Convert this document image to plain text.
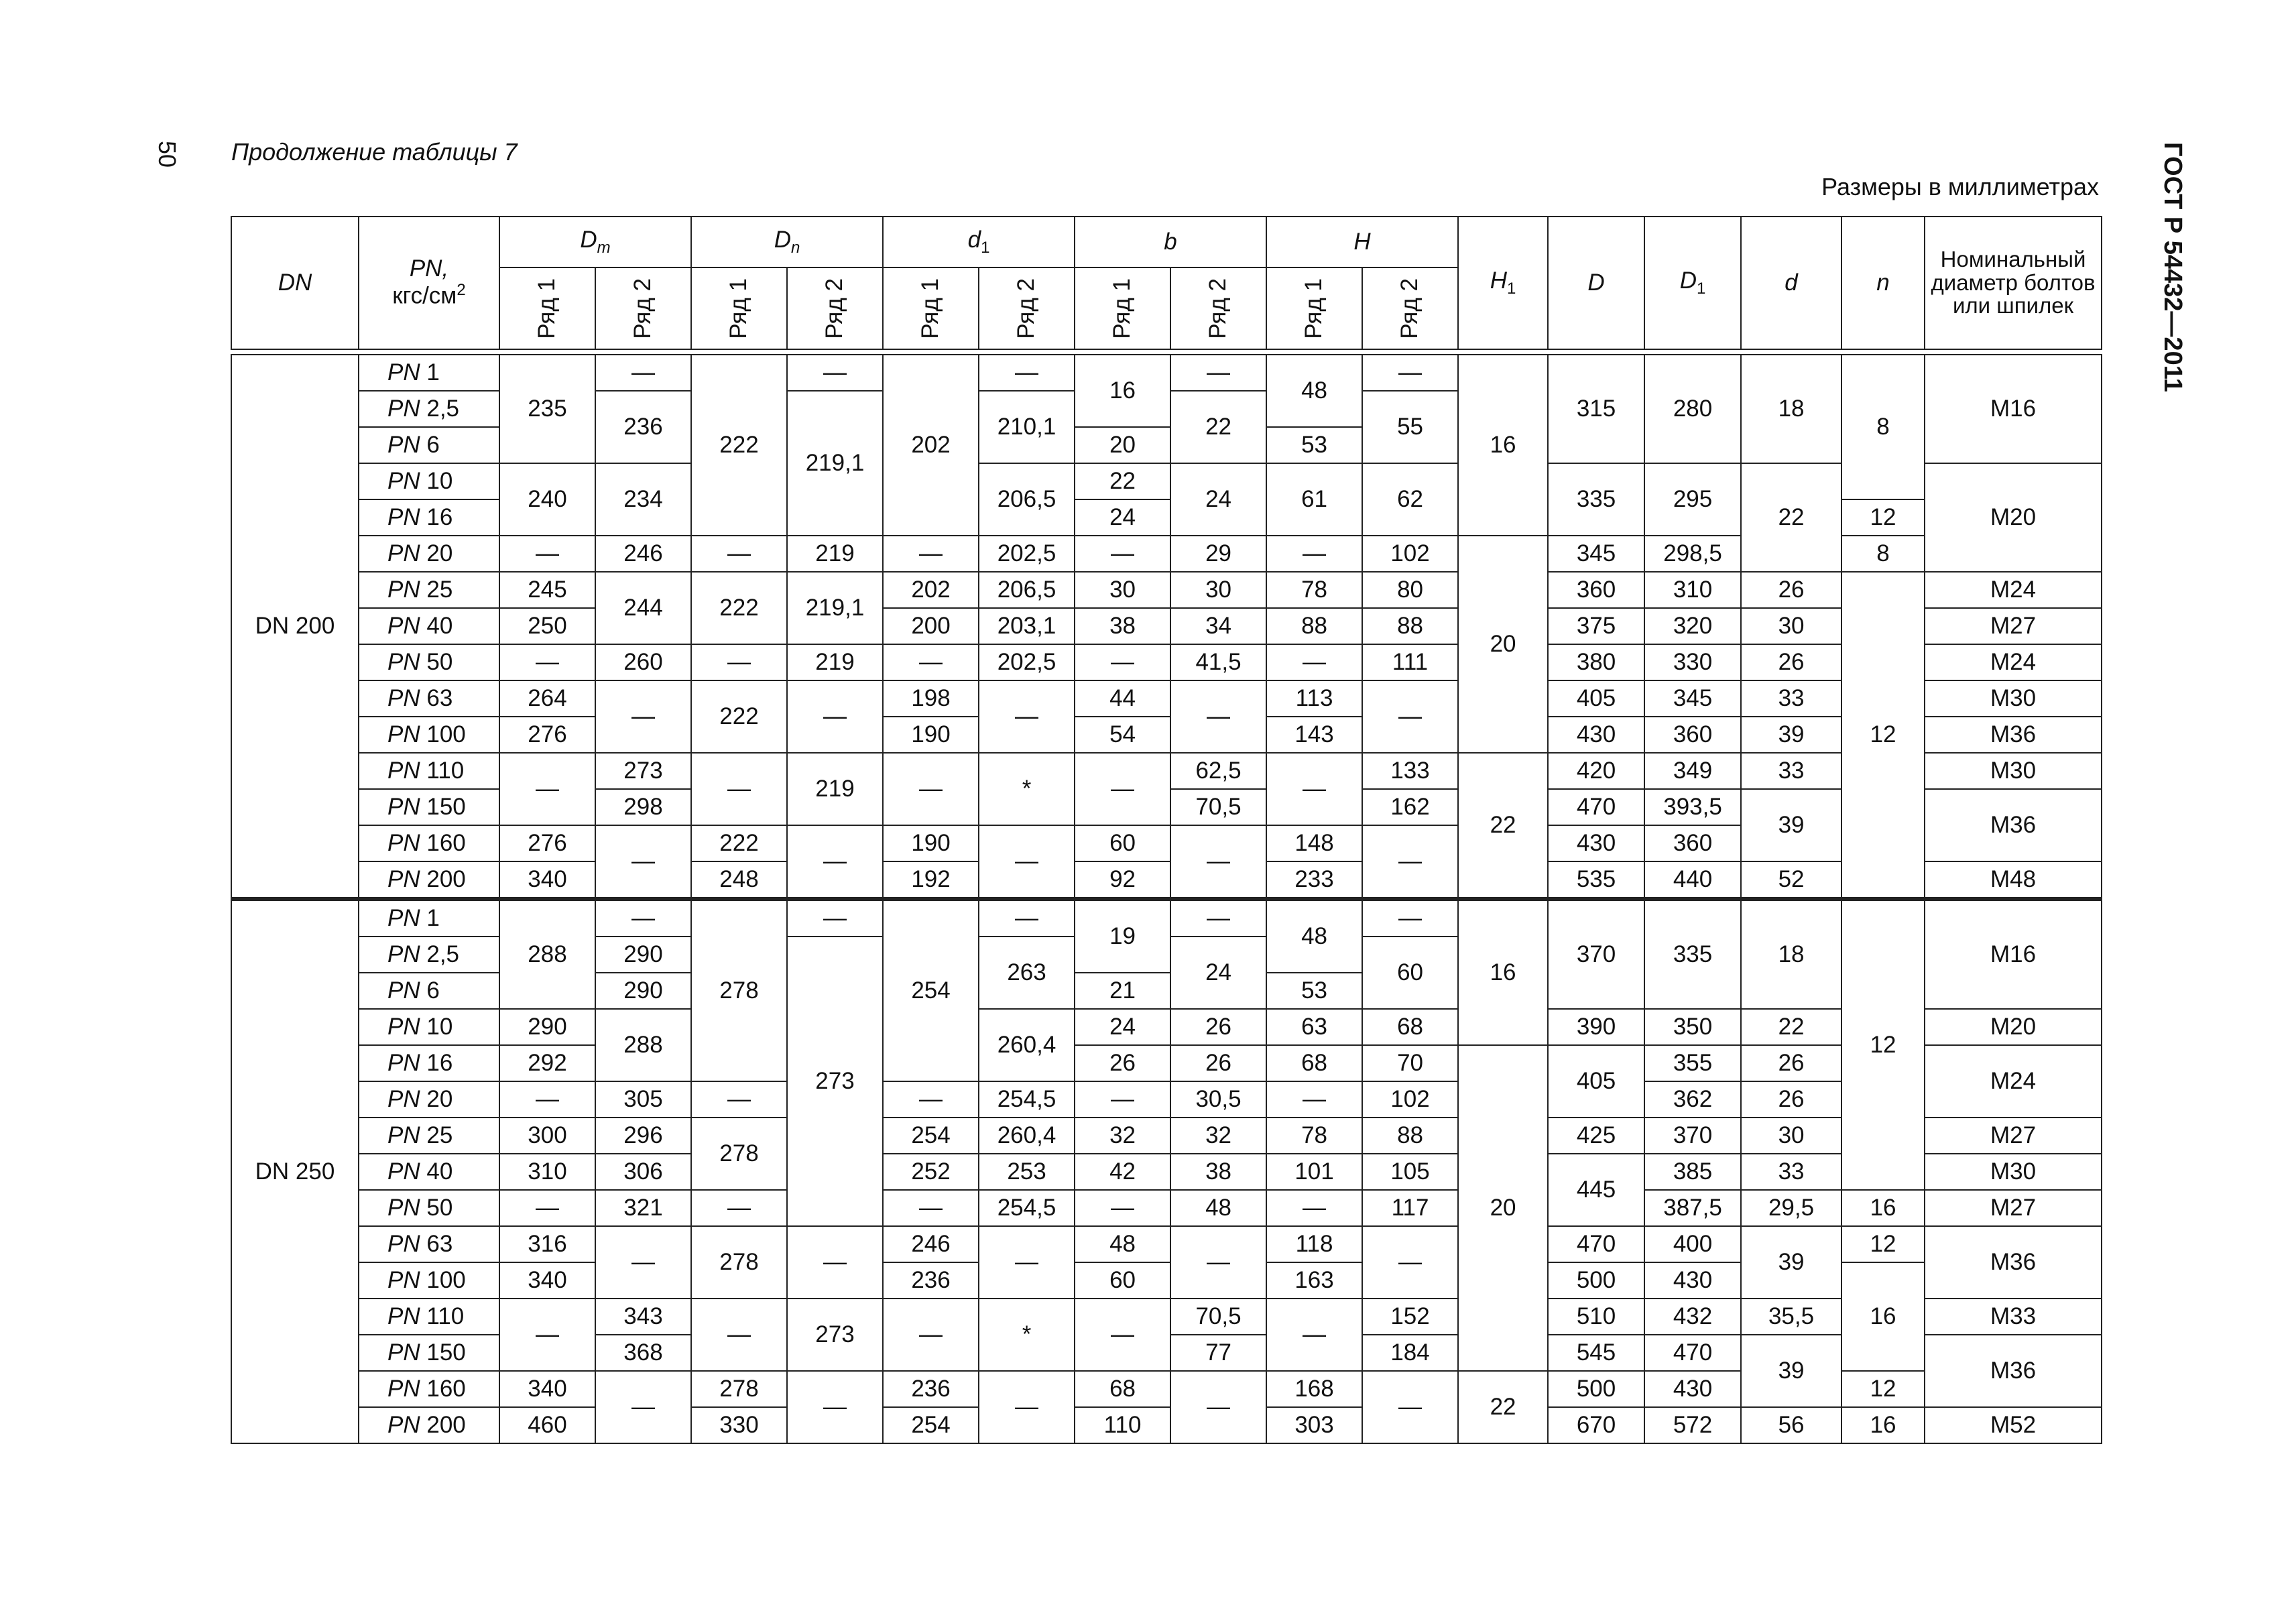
50 Продолжение таблицы 7
Размеры в миллиметрах ГОСТ Р 54432—2011
DN	PN,
кгс/$см^2$	$D_m$		$D_n$		$d_1$		b		H		$H_1$	D	$D_1$	d	n	Номинальный диаметр болтов или шпилек
		Ряд 1	Ряд 2	Ряд 1	Ряд 2	Ряд 1	Ряд 2	Ряд 1	Ряд 2	Ряд 1	Ряд 2						

DN 200	PN 1	235	—	222	—	202	—	16	—	48	—	16	315	280	18	8	М16
	PN 2,5		236		219,1		210,1		22		55						
	PN 6							20		53							
	PN 10	240	234				206,5	22	24	61	62		335	295	22		М20
	PN 16							24								12	
	PN 20	—	246	—	219	—	202,5	—	29	—	102	20	345	298,5		8	
	PN 25	245	244	222	219,1	202	206,5	30	30	78	80		360	310	26	12	М24
	PN 40	250				200	203,1	38	34	88	88		375	320	30		М27
	PN 50	—	260	—	219	—	202,5	—	41,5	—	111		380	330	26		М24
	PN 63	264	—	222	—	198	—	44	—	113	—		405	345	33		М30
	PN 100	276				190		54		143			430	360	39		М36
	PN 110	—	273	—	219	—	*	—	62,5	—	133	22	420	349	33		М30
	PN 150		298						70,5		162		470	393,5	39		М36
	PN 160	276	—	222	—	190	—	60	—	148	—		430	360			
	PN 200	340		248		192		92		233			535	440	52		М48
DN 250	PN 1	288	—	278	—	254	—	19	—	48	—	16	370	335	18	12	М16
	PN 2,5		290		273		263		24		60						
	PN 6		290					21		53							
	PN 10	290	288				260,4	24	26	63	68		390	350	22		М20
	PN 16	292						26	26	68	70	20	405	355	26		М24
	PN 20	—	305	—		—	254,5	—	30,5	—	102			362	26		
	PN 25	300	296	278		254	260,4	32	32	78	88		425	370	30		М27
	PN 40	310	306			252	253	42	38	101	105		445	385	33		М30
	PN 50	—	321	—		—	254,5	—	48	—	117			387,5	29,5	16	М27
	PN 63	316	—	278	—	246	—	48	—	118	—		470	400	39	12	М36
	PN 100	340				236		60		163			500	430		16	
	PN 110	—	343	—	273	—	*	—	70,5	—	152		510	432	35,5		М33
	PN 150		368						77		184		545	470	39		М36
	PN 160	340	—	278	—	236	—	68	—	168	—	22	500	430		12	
	PN 200	460		330		254		110		303			670	572	56	16	М52
